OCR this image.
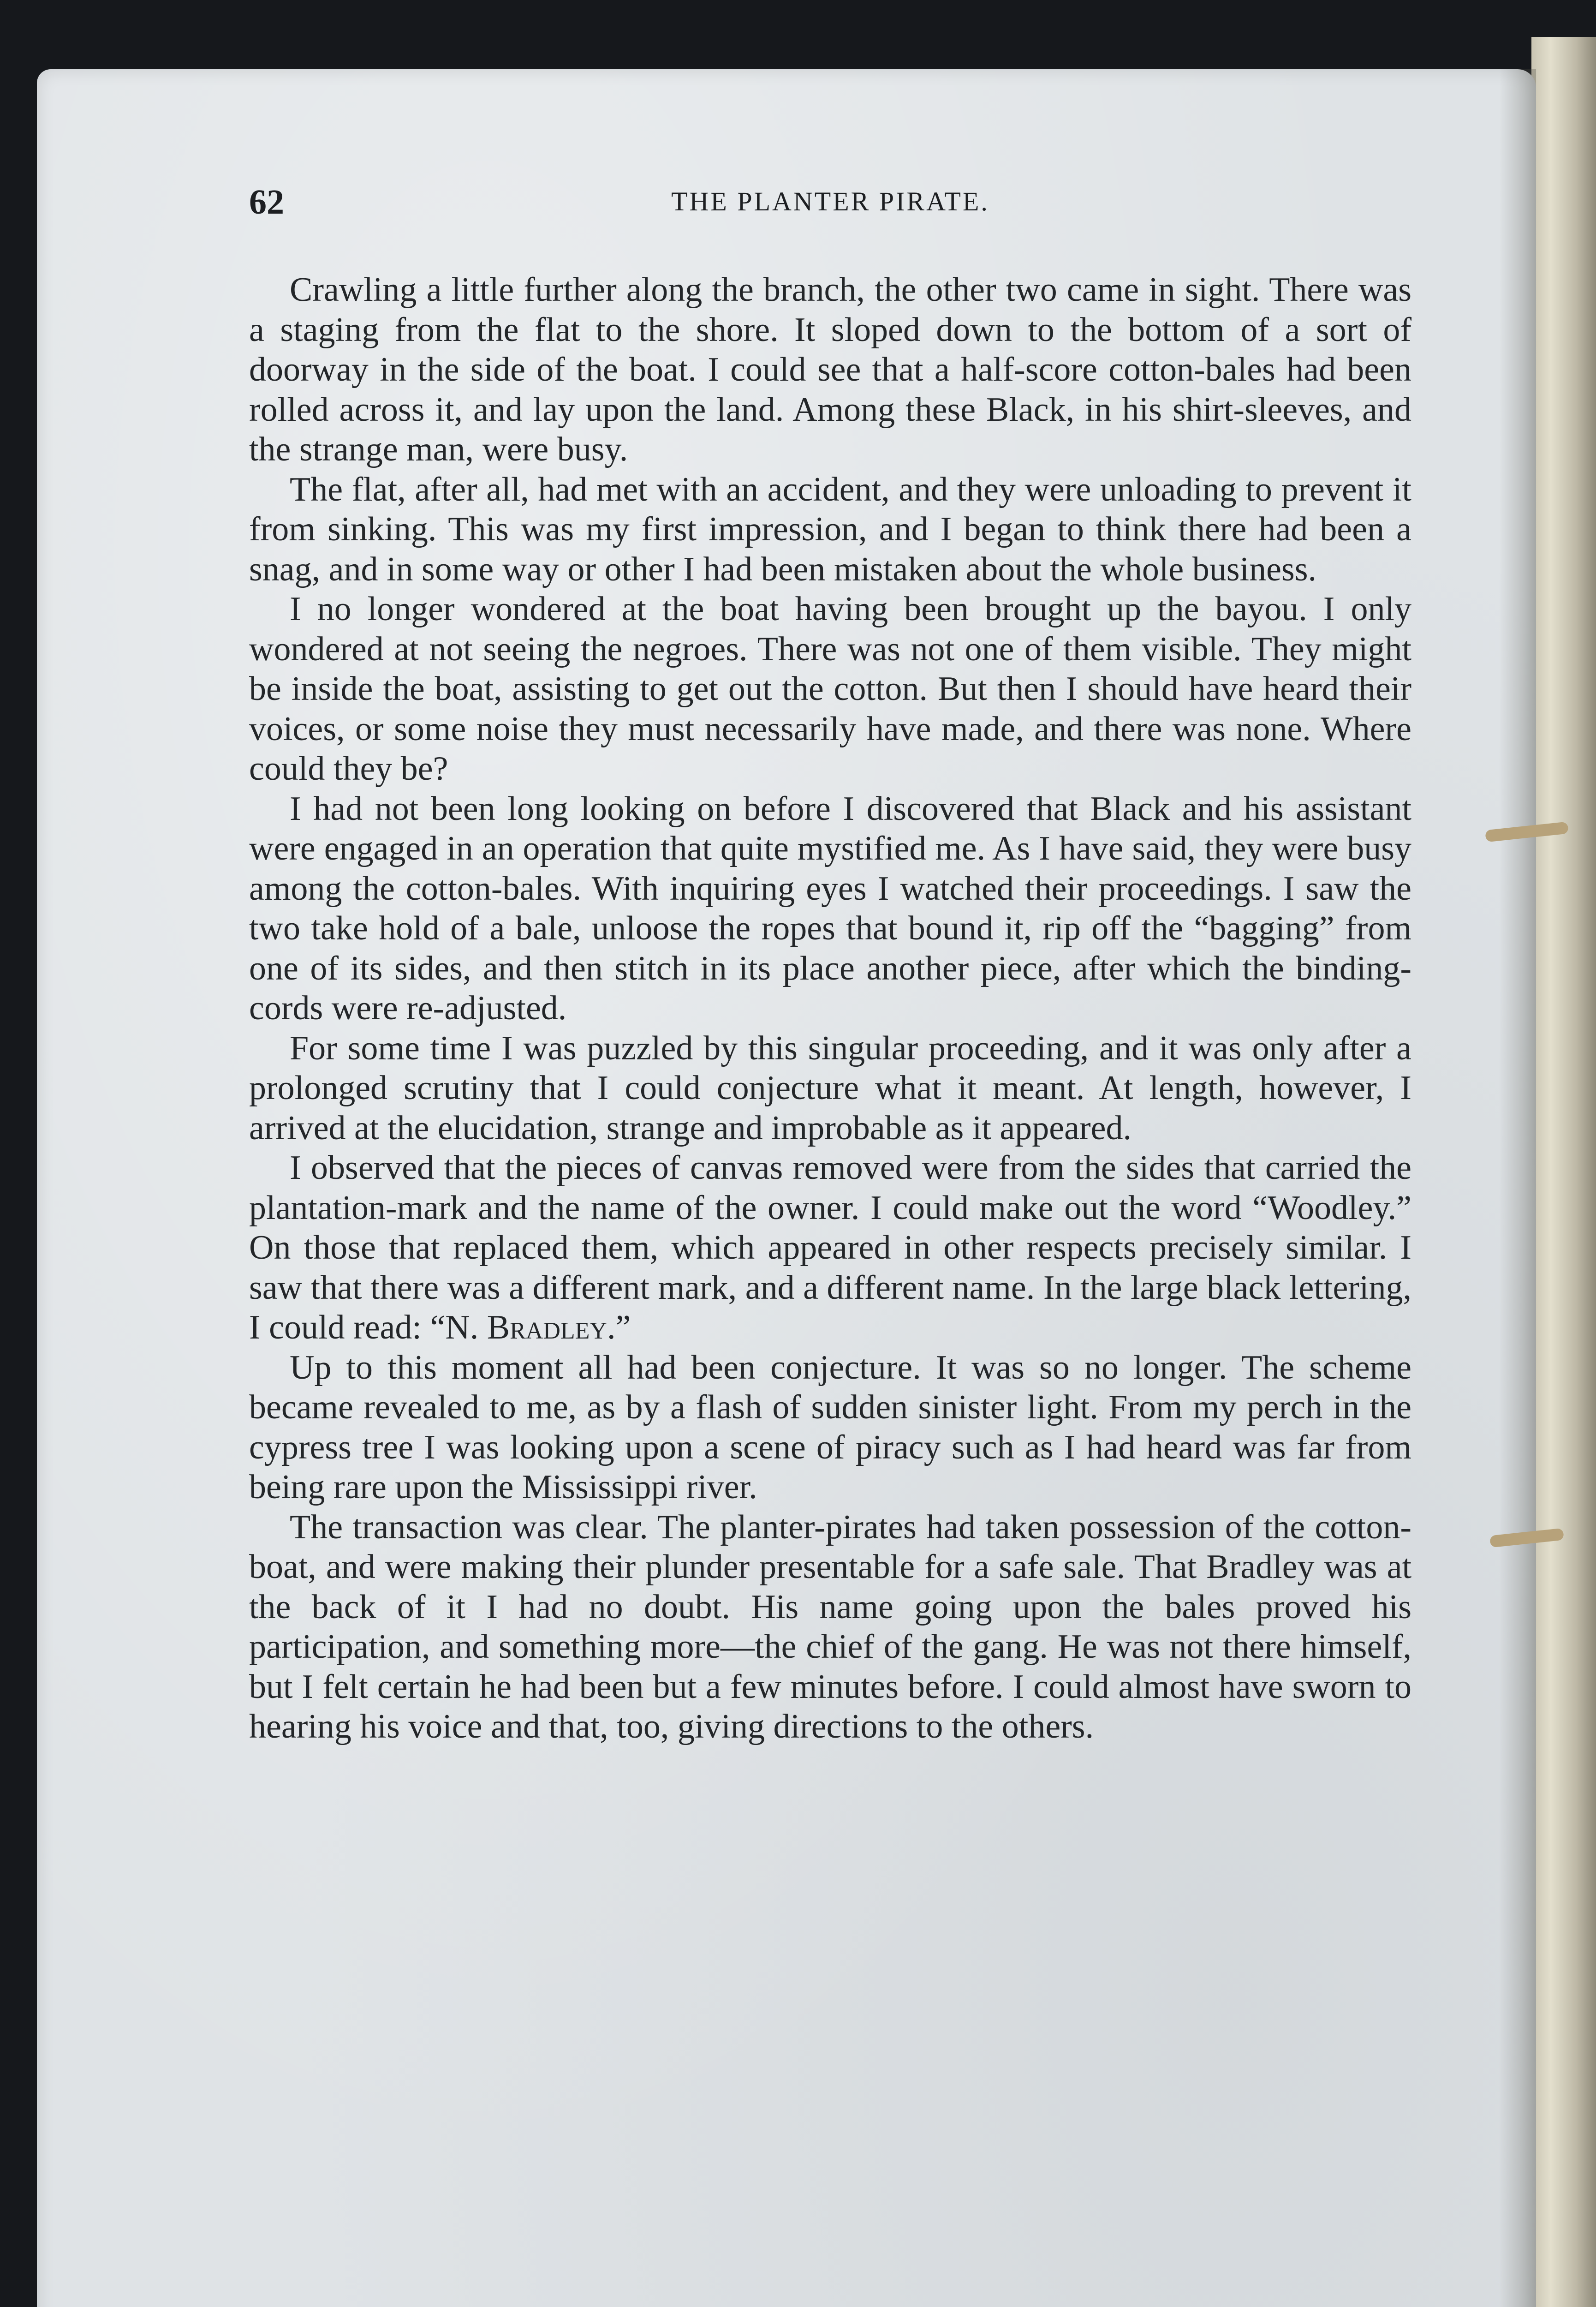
62	THE PLANTER PIRATE.

Crawling a little further along the branch, the other two came in sight. There was a staging from the flat to the shore. It sloped down to the bottom of a sort of doorway in the side of the boat. I could see that a half-score cotton-bales had been rolled across it, and lay upon the land. Among these Black, in his shirt-sleeves, and the strange man, were busy.

The flat, after all, had met with an accident, and they were unloading to prevent it from sinking. This was my first impression, and I began to think there had been a snag, and in some way or other I had been mistaken about the whole business.

I no longer wondered at the boat having been brought up the bayou. I only wondered at not seeing the negroes. There was not one of them visible. They might be inside the boat, assisting to get out the cotton. But then I should have heard their voices, or some noise they must necessarily have made, and there was none. Where could they be?

I had not been long looking on before I discovered that Black and his assistant were engaged in an operation that quite mystified me. As I have said, they were busy among the cotton-bales. With inquiring eyes I watched their proceedings. I saw the two take hold of a bale, unloose the ropes that bound it, rip off the “bagging” from one of its sides, and then stitch in its place another piece, after which the binding-cords were re-adjusted.

For some time I was puzzled by this singular proceeding, and it was only after a prolonged scrutiny that I could conjecture what it meant. At length, however, I arrived at the elucidation, strange and improbable as it appeared.

I observed that the pieces of canvas removed were from the sides that carried the plantation-mark and the name of the owner. I could make out the word “Woodley.” On those that replaced them, which appeared in other respects precisely similar. I saw that there was a different mark, and a different name. In the large black lettering, I could read: “N. Bradley.”

Up to this moment all had been conjecture. It was so no longer. The scheme became revealed to me, as by a flash of sudden sinister light. From my perch in the cypress tree I was looking upon a scene of piracy such as I had heard was far from being rare upon the Mississippi river.

The transaction was clear. The planter-pirates had taken possession of the cotton-boat, and were making their plunder presentable for a safe sale. That Bradley was at the back of it I had no doubt. His name going upon the bales proved his participation, and something more—the chief of the gang. He was not there himself, but I felt certain he had been but a few minutes before. I could almost have sworn to hearing his voice and that, too, giving directions to the others.
